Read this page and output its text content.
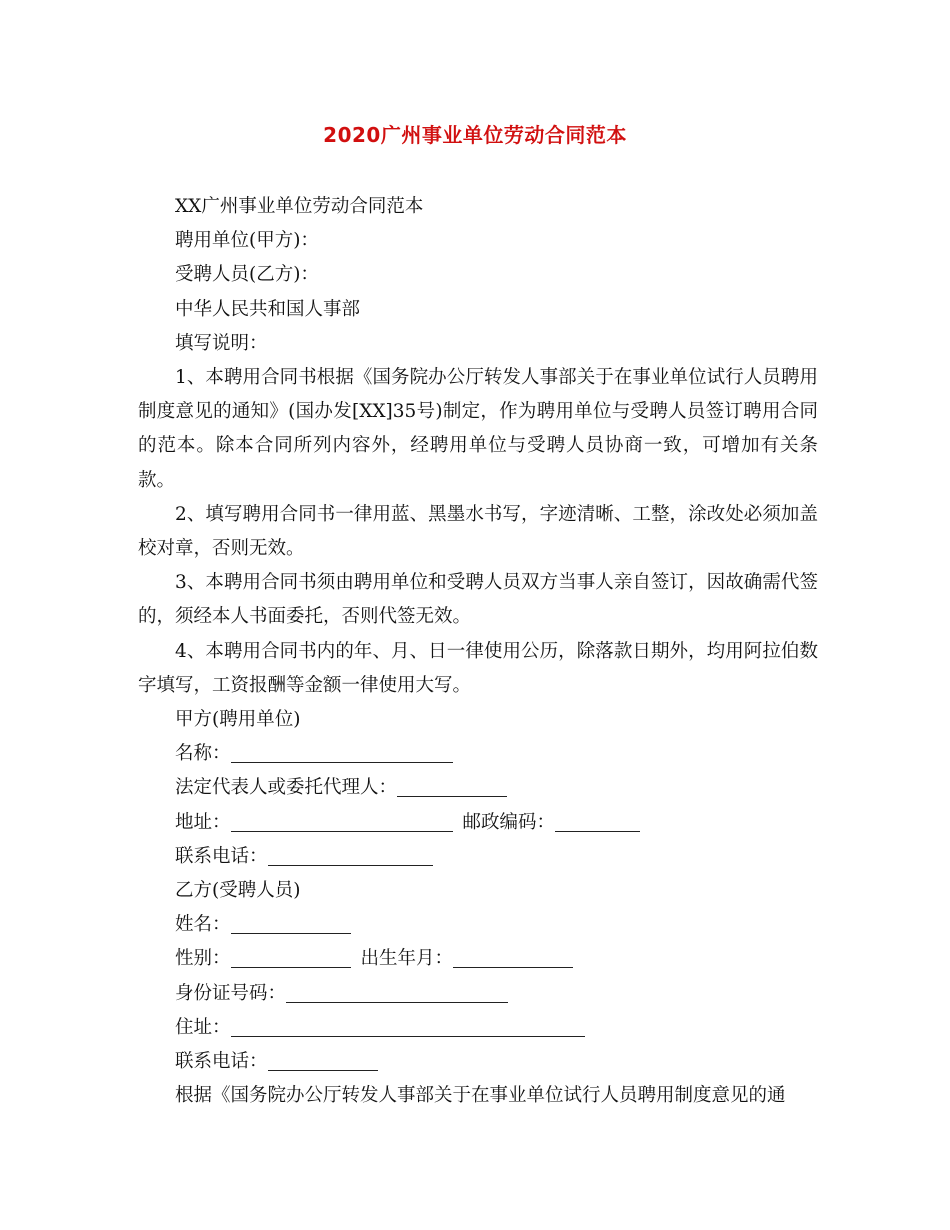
2020广州事业单位劳动合同范本

XX广州事业单位劳动合同范本

聘用单位(甲方)：

受聘人员(乙方)：

中华人民共和国人事部

填写说明：

1、本聘用合同书根据《国务院办公厅转发人事部关于在事业单位试行人员聘用制度意见的通知》(国办发[XX]35号)制定，作为聘用单位与受聘人员签订聘用合同的范本。除本合同所列内容外，经聘用单位与受聘人员协商一致，可增加有关条款。

2、填写聘用合同书一律用蓝、黑墨水书写，字迹清晰、工整，涂改处必须加盖校对章，否则无效。

3、本聘用合同书须由聘用单位和受聘人员双方当事人亲自签订，因故确需代签的，须经本人书面委托，否则代签无效。

4、本聘用合同书内的年、月、日一律使用公历，除落款日期外，均用阿拉伯数字填写，工资报酬等金额一律使用大写。

甲方(聘用单位)

名称：

法定代表人或委托代理人：

地址：	邮政编码：

联系电话：

乙方(受聘人员)

姓名：

性别：	出生年月：

身份证号码：

住址：

联系电话：

根据《国务院办公厅转发人事部关于在事业单位试行人员聘用制度意见的通
